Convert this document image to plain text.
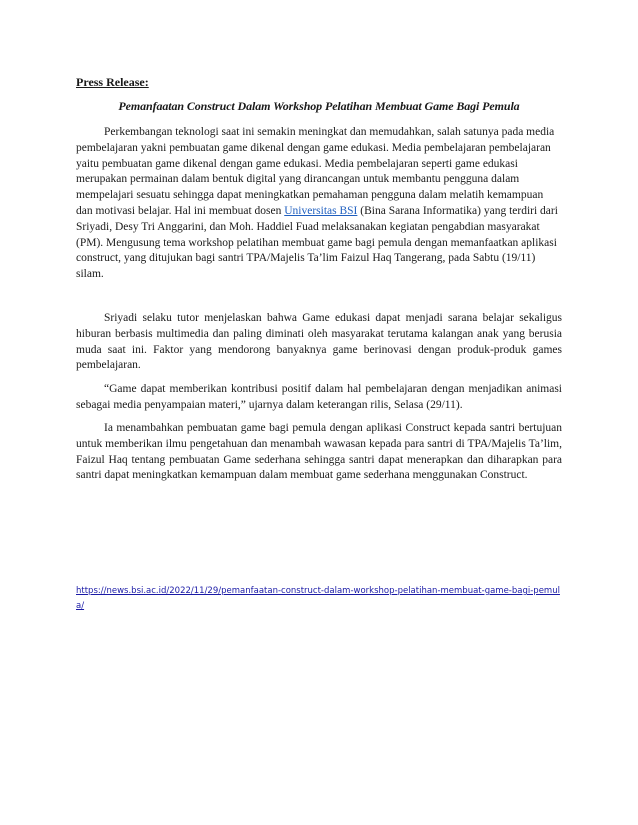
Press Release:
Pemanfaatan Construct Dalam Workshop Pelatihan Membuat Game Bagi Pemula

Perkembangan teknologi saat ini semakin meningkat dan memudahkan, salah satunya pada media pembelajaran yakni pembuatan game dikenal dengan game edukasi. Media pembelajaran pembelajaran yaitu pembuatan game dikenal dengan game edukasi. Media pembelajaran seperti game edukasi merupakan permainan dalam bentuk digital yang dirancangan untuk membantu pengguna dalam mempelajari sesuatu sehingga dapat meningkatkan pemahaman pengguna dalam melatih kemampuan dan motivasi belajar. Hal ini membuat dosen Universitas BSI (Bina Sarana Informatika) yang terdiri dari Sriyadi, Desy Tri Anggarini, dan Moh. Haddiel Fuad melaksanakan kegiatan pengabdian masyarakat (PM). Mengusung tema workshop pelatihan membuat game bagi pemula dengan memanfaatkan aplikasi construct, yang ditujukan bagi santri TPA/Majelis Ta’lim Faizul Haq Tangerang, pada Sabtu (19/11) silam.

Sriyadi selaku tutor menjelaskan bahwa Game edukasi dapat menjadi sarana belajar sekaligus hiburan berbasis multimedia dan paling diminati oleh masyarakat terutama kalangan anak yang berusia muda saat ini. Faktor yang mendorong banyaknya game berinovasi dengan produk-produk games pembelajaran.

“Game dapat memberikan kontribusi positif dalam hal pembelajaran dengan menjadikan animasi sebagai media penyampaian materi,” ujarnya dalam keterangan rilis, Selasa (29/11).

Ia menambahkan pembuatan game bagi pemula dengan aplikasi Construct kepada santri bertujuan untuk memberikan ilmu pengetahuan dan menambah wawasan kepada para santri di TPA/Majelis Ta’lim, Faizul Haq tentang pembuatan Game sederhana sehingga santri dapat menerapkan dan diharapkan para santri dapat meningkatkan kemampuan dalam membuat game sederhana menggunakan Construct.

https://news.bsi.ac.id/2022/11/29/pemanfaatan-construct-dalam-workshop-pelatihan-membuat-game-bagi-pemula/
